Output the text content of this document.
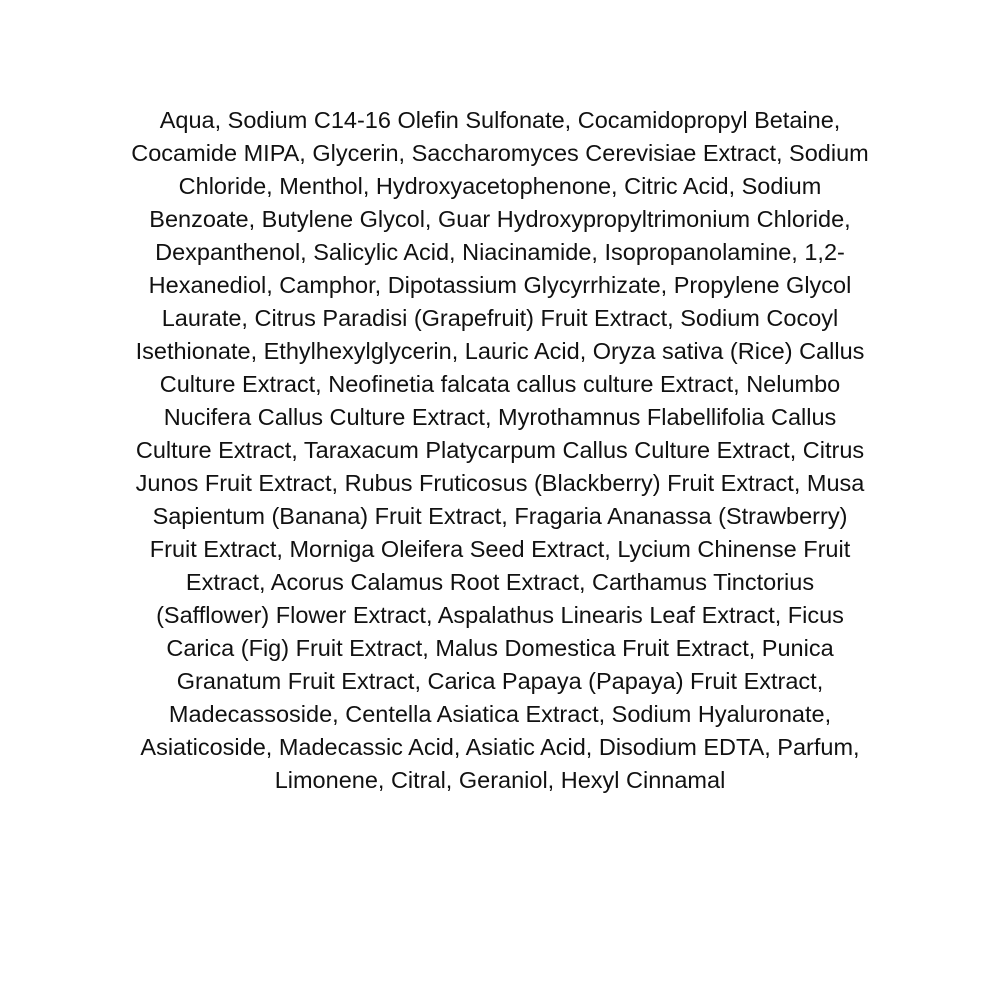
Aqua, Sodium C14-16 Olefin Sulfonate, Cocamidopropyl Betaine,
Cocamide MIPA, Glycerin, Saccharomyces Cerevisiae Extract, Sodium
Chloride, Menthol, Hydroxyacetophenone, Citric Acid, Sodium
Benzoate, Butylene Glycol, Guar Hydroxypropyltrimonium Chloride,
Dexpanthenol, Salicylic Acid, Niacinamide, Isopropanolamine, 1,2-
Hexanediol, Camphor, Dipotassium Glycyrrhizate, Propylene Glycol
Laurate, Citrus Paradisi (Grapefruit) Fruit Extract, Sodium Cocoyl
Isethionate, Ethylhexylglycerin, Lauric Acid, Oryza sativa (Rice) Callus
Culture Extract, Neofinetia falcata callus culture Extract, Nelumbo
Nucifera Callus Culture Extract, Myrothamnus Flabellifolia Callus
Culture Extract, Taraxacum Platycarpum Callus Culture Extract, Citrus
Junos Fruit Extract, Rubus Fruticosus (Blackberry) Fruit Extract, Musa
Sapientum (Banana) Fruit Extract, Fragaria Ananassa (Strawberry)
Fruit Extract, Morniga Oleifera Seed Extract, Lycium Chinense Fruit
Extract, Acorus Calamus Root Extract, Carthamus Tinctorius
(Safflower) Flower Extract, Aspalathus Linearis Leaf Extract, Ficus
Carica (Fig) Fruit Extract, Malus Domestica Fruit Extract, Punica
Granatum Fruit Extract, Carica Papaya (Papaya) Fruit Extract,
Madecassoside, Centella Asiatica Extract, Sodium Hyaluronate,
Asiaticoside, Madecassic Acid, Asiatic Acid, Disodium EDTA, Parfum,
Limonene, Citral, Geraniol, Hexyl Cinnamal
